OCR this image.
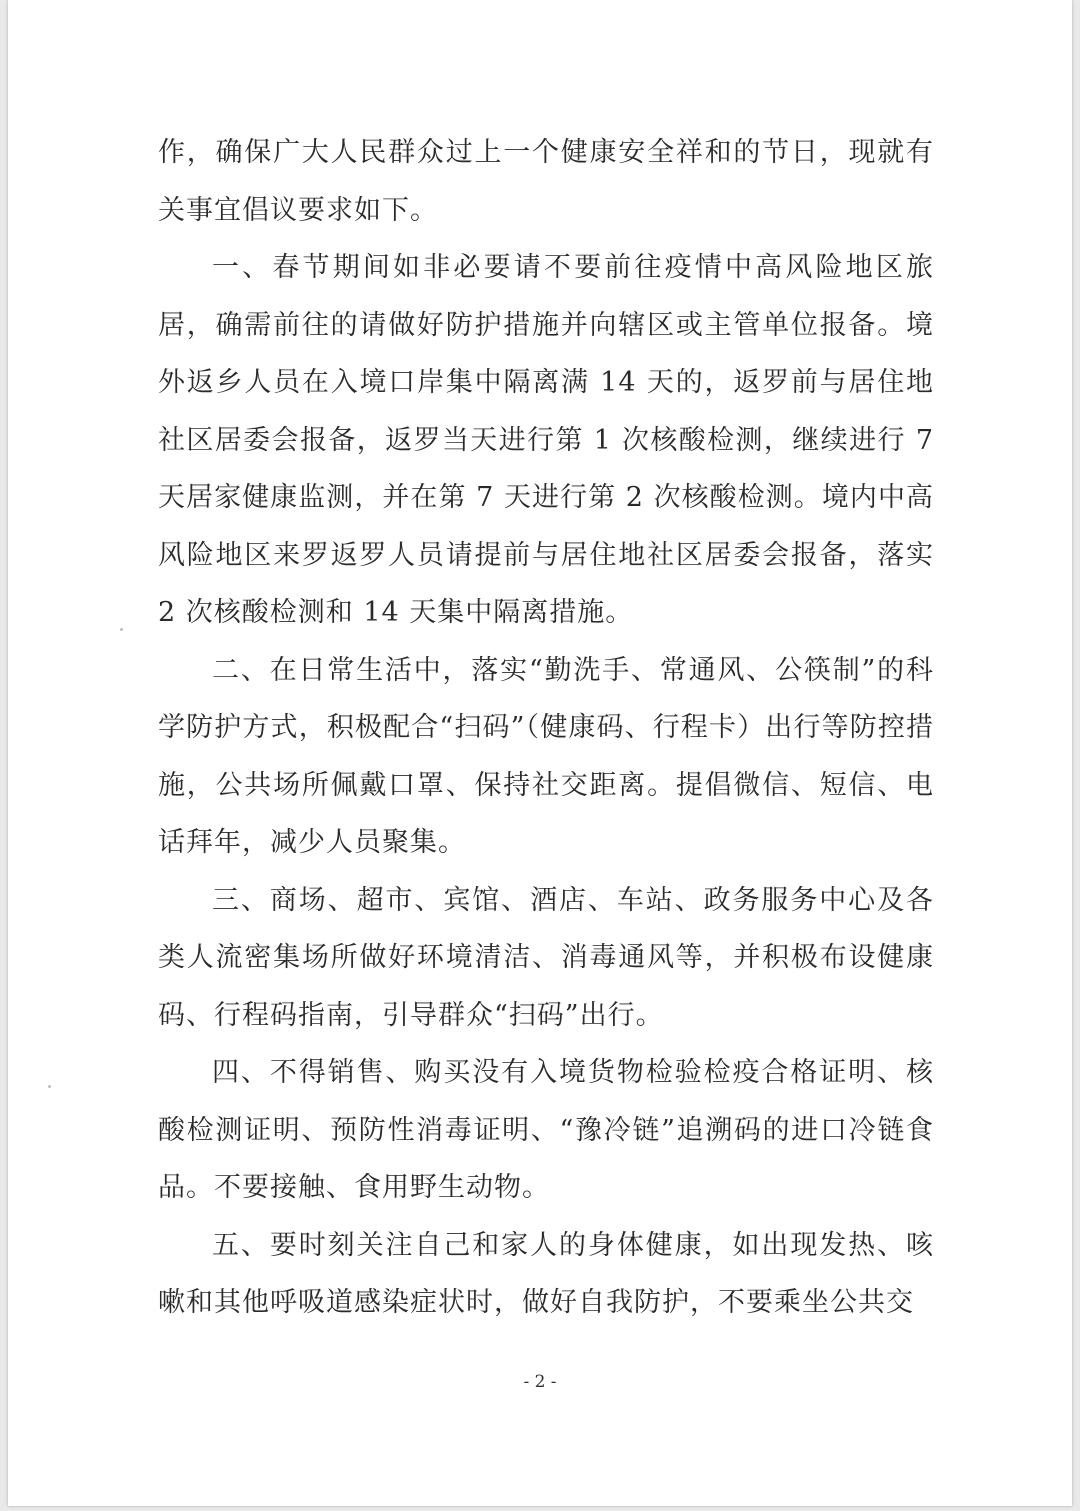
作，确保广大人民群众过上一个健康安全祥和的节日，现就有关事宜倡议要求如下。

一、春节期间如非必要请不要前往疫情中高风险地区旅居，确需前往的请做好防护措施并向辖区或主管单位报备。境外返乡人员在入境口岸集中隔离满 14 天的，返罗前与居住地社区居委会报备，返罗当天进行第 1 次核酸检测，继续进行 7 天居家健康监测，并在第 7 天进行第 2 次核酸检测。境内中高风险地区来罗返罗人员请提前与居住地社区居委会报备，落实 2 次核酸检测和 14 天集中隔离措施。

二、在日常生活中，落实“勤洗手、常通风、公筷制”的科学防护方式，积极配合“扫码”（健康码、行程卡）出行等防控措施，公共场所佩戴口罩、保持社交距离。提倡微信、短信、电话拜年，减少人员聚集。

三、商场、超市、宾馆、酒店、车站、政务服务中心及各类人流密集场所做好环境清洁、消毒通风等，并积极布设健康码、行程码指南，引导群众“扫码”出行。

四、不得销售、购买没有入境货物检验检疫合格证明、核酸检测证明、预防性消毒证明、“豫冷链”追溯码的进口冷链食品。不要接触、食用野生动物。

五、要时刻关注自己和家人的身体健康，如出现发热、咳嗽和其他呼吸道感染症状时，做好自我防护，不要乘坐公共交

- 2 -
